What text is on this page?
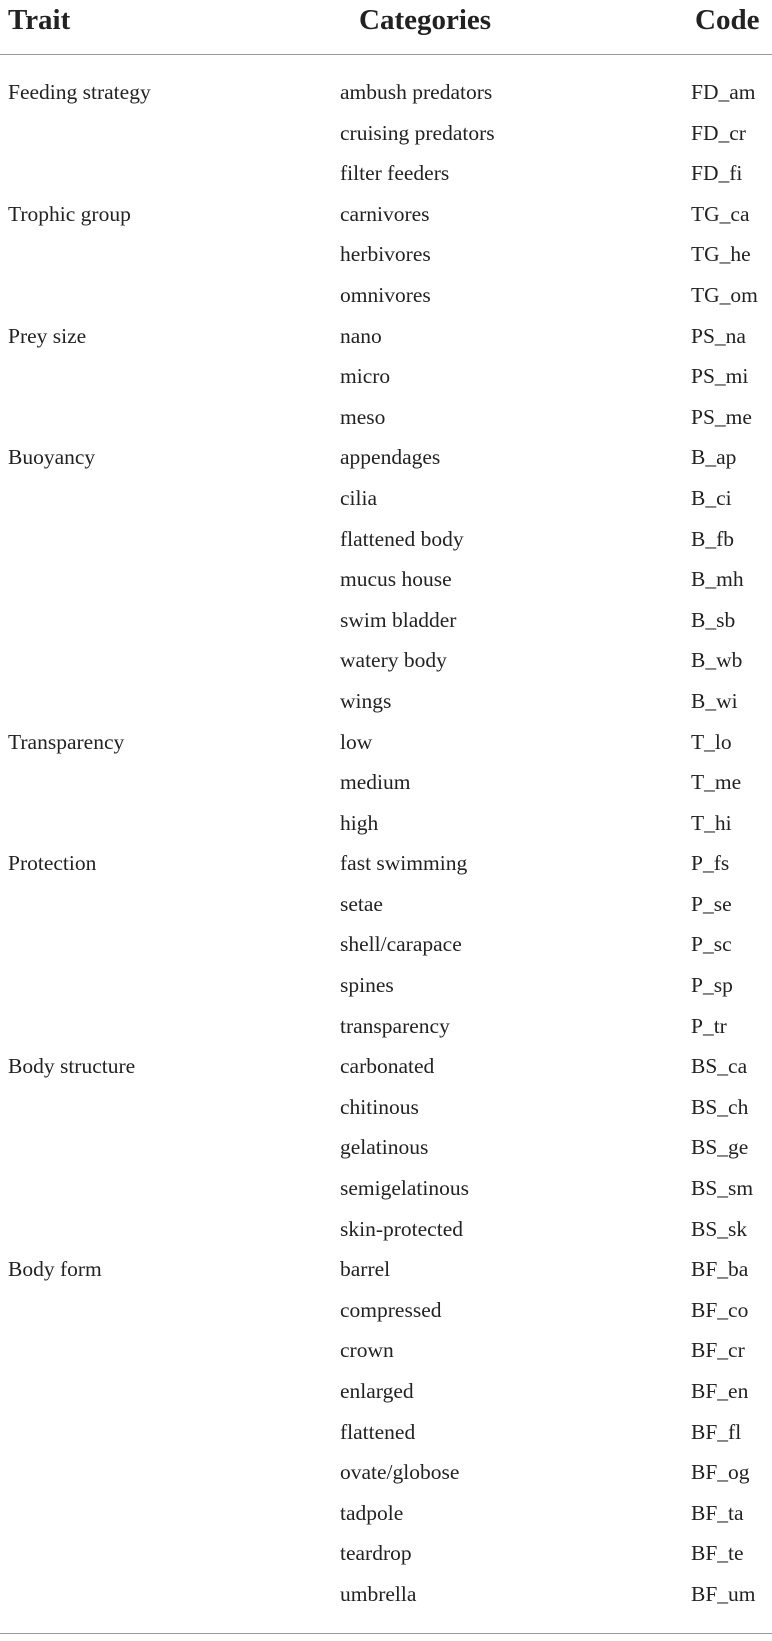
Trait	Categories	Code
Feeding strategy	ambush predators	FD_am
cruising predators	FD_cr
filter feeders	FD_fi
Trophic group	carnivores	TG_ca
herbivores	TG_he
omnivores	TG_om
Prey size	nano	PS_na
micro	PS_mi
meso	PS_me
Buoyancy	appendages	B_ap
cilia	B_ci
flattened body	B_fb
mucus house	B_mh
swim bladder	B_sb
watery body	B_wb
wings	B_wi
Transparency	low	T_lo
medium	T_me
high	T_hi
Protection	fast swimming	P_fs
setae	P_se
shell/carapace	P_sc
spines	P_sp
transparency	P_tr
Body structure	carbonated	BS_ca
chitinous	BS_ch
gelatinous	BS_ge
semigelatinous	BS_sm
skin-protected	BS_sk
Body form	barrel	BF_ba
compressed	BF_co
crown	BF_cr
enlarged	BF_en
flattened	BF_fl
ovate/globose	BF_og
tadpole	BF_ta
teardrop	BF_te
umbrella	BF_um
